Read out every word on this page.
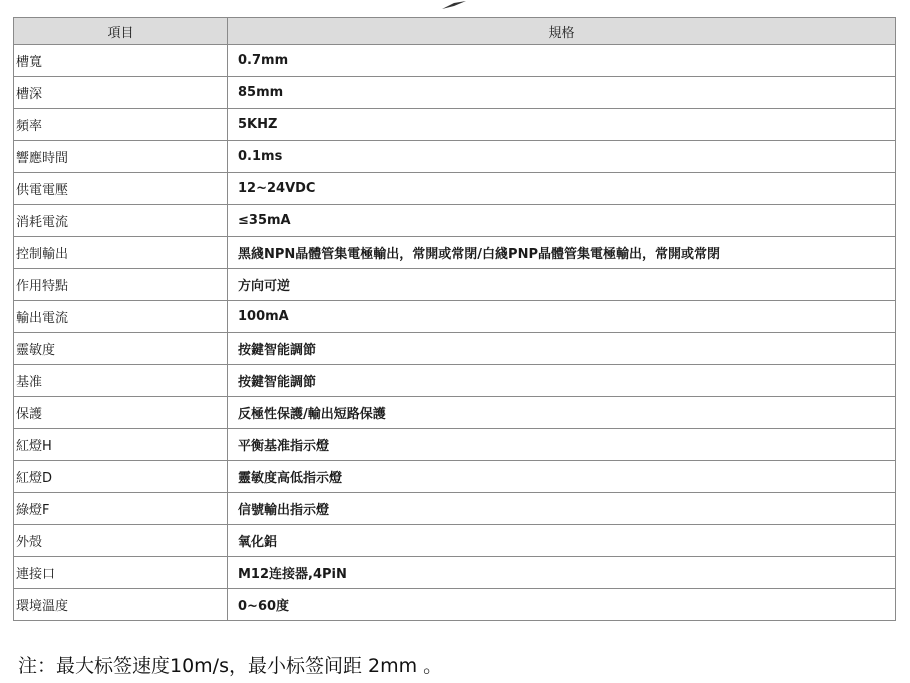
項目	規格
槽寬	0.7mm
槽深	85mm
頻率	5KHZ
響應時間	0.1ms
供電電壓	12~24VDC
消耗電流	≤35mA
控制輸出	黑綫NPN晶體管集電極輸出，常開或常閉/白綫PNP晶體管集電極輸出，常開或常閉
作用特點	方向可逆
輸出電流	100mA
靈敏度	按鍵智能調節
基准	按鍵智能調節
保護	反極性保護/輸出短路保護
紅燈H	平衡基准指示燈
紅燈D	靈敏度高低指示燈
綠燈F	信號輸出指示燈
外殻	氧化鋁
連接口	M12连接器,4PiN
環境溫度	0~60度
注：最大标签速度10m/s，最小标签间距 2mm 。
